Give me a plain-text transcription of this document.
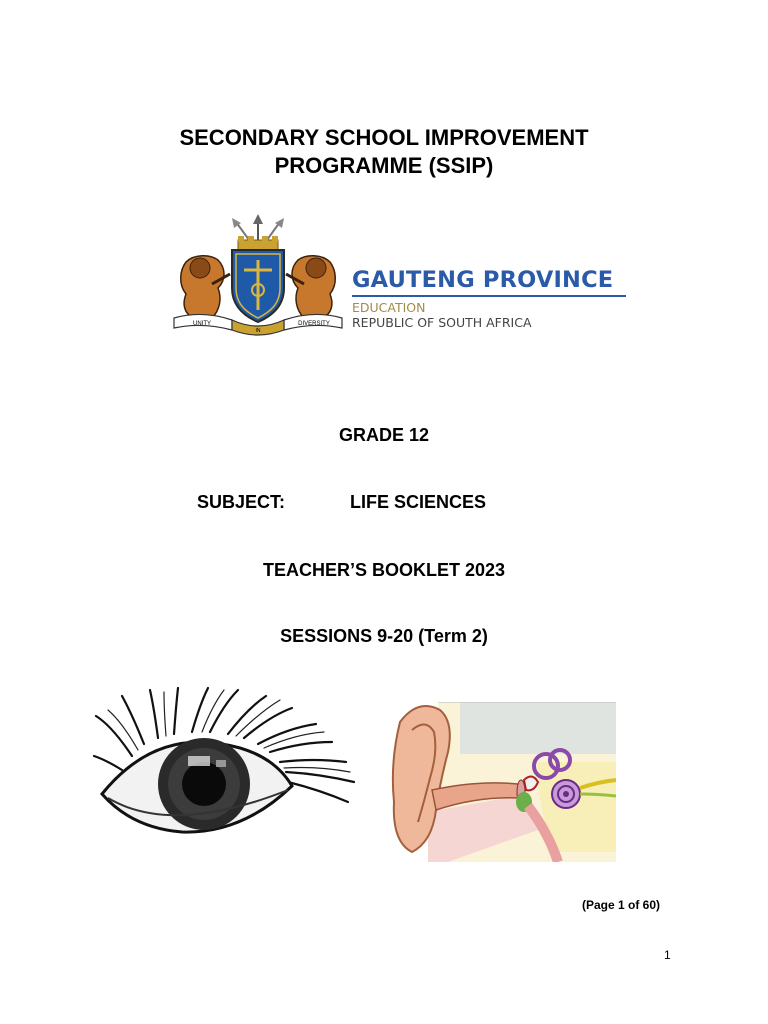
SECONDARY SCHOOL IMPROVEMENT
PROGRAMME (SSIP)
UNITY
IN
DIVERSITY
GAUTENG PROVINCE
EDUCATION
REPUBLIC OF SOUTH AFRICA
GRADE 12
SUBJECT:	LIFE SCIENCES
TEACHER’S BOOKLET 2023
SESSIONS 9-20 (Term 2)
(Page 1 of 60)
1
